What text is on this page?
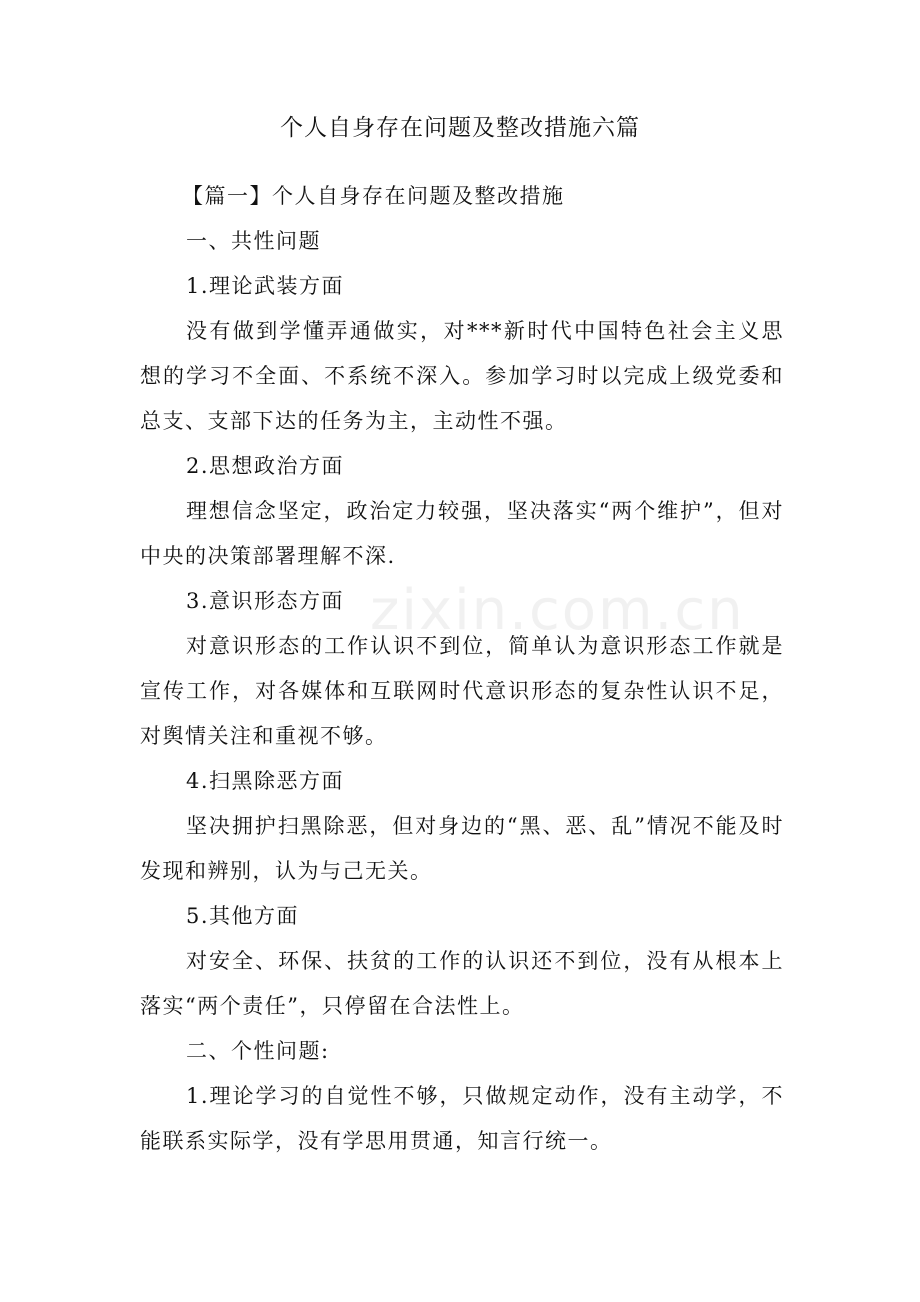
个人自身存在问题及整改措施六篇

【篇一】个人自身存在问题及整改措施

一、共性问题

1.理论武装方面

没有做到学懂弄通做实，对***新时代中国特色社会主义思想的学习不全面、不系统不深入。参加学习时以完成上级党委和总支、支部下达的任务为主，主动性不强。

2.思想政治方面

理想信念坚定，政治定力较强，坚决落实“两个维护”，但对中央的决策部署理解不深.

3.意识形态方面

对意识形态的工作认识不到位，简单认为意识形态工作就是宣传工作，对各媒体和互联网时代意识形态的复杂性认识不足，对舆情关注和重视不够。

4.扫黑除恶方面

坚决拥护扫黑除恶，但对身边的“黑、恶、乱”情况不能及时发现和辨别，认为与己无关。

5.其他方面

对安全、环保、扶贫的工作的认识还不到位，没有从根本上落实“两个责任”，只停留在合法性上。

二、个性问题:

1.理论学习的自觉性不够，只做规定动作，没有主动学，不能联系实际学，没有学思用贯通，知言行统一。

zixin.com.cn
